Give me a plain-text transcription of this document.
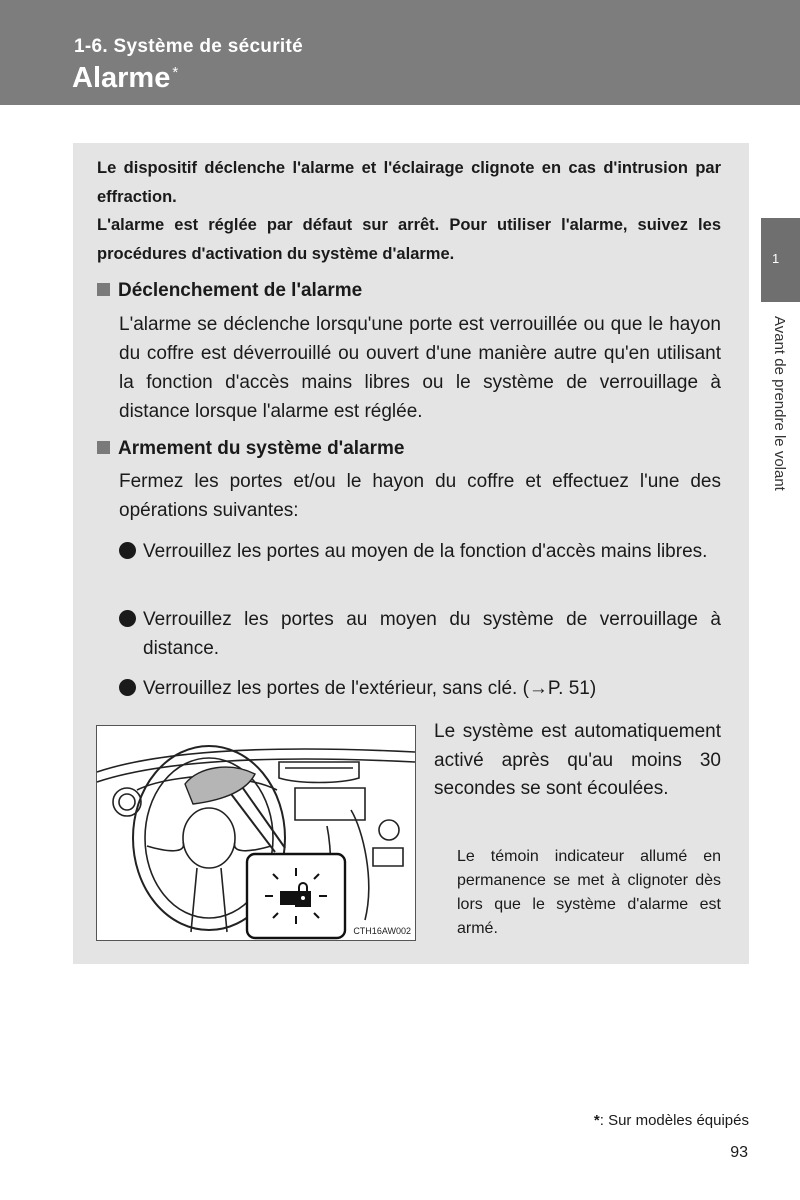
1-6. Système de sécurité
Alarme *
1
Avant de prendre le volant

Le dispositif déclenche l'alarme et l'éclairage clignote en cas d'intrusion par effraction.

L'alarme est réglée par défaut sur arrêt. Pour utiliser l'alarme, suivez les procédures d'activation du système d'alarme.

Déclenchement de l'alarme

L'alarme se déclenche lorsqu'une porte est verrouillée ou que le hayon du coffre est déverrouillé ou ouvert d'une manière autre qu'en utilisant la fonction d'accès mains libres ou le système de verrouillage à distance lorsque l'alarme est réglée.

Armement du système d'alarme

Fermez les portes et/ou le hayon du coffre et effectuez l'une des opérations suivantes:

Verrouillez les portes au moyen de la fonction d'accès mains libres.

Verrouillez les portes au moyen du système de verrouillage à distance.

Verrouillez les portes de l'extérieur, sans clé. (→P. 51)

CTH16AW002

Le système est automatiquement activé après qu'au moins 30 secondes se sont écoulées.

Le témoin indicateur allumé en permanence se met à clignoter dès lors que le système d'alarme est armé.

*: Sur modèles équipés
93
